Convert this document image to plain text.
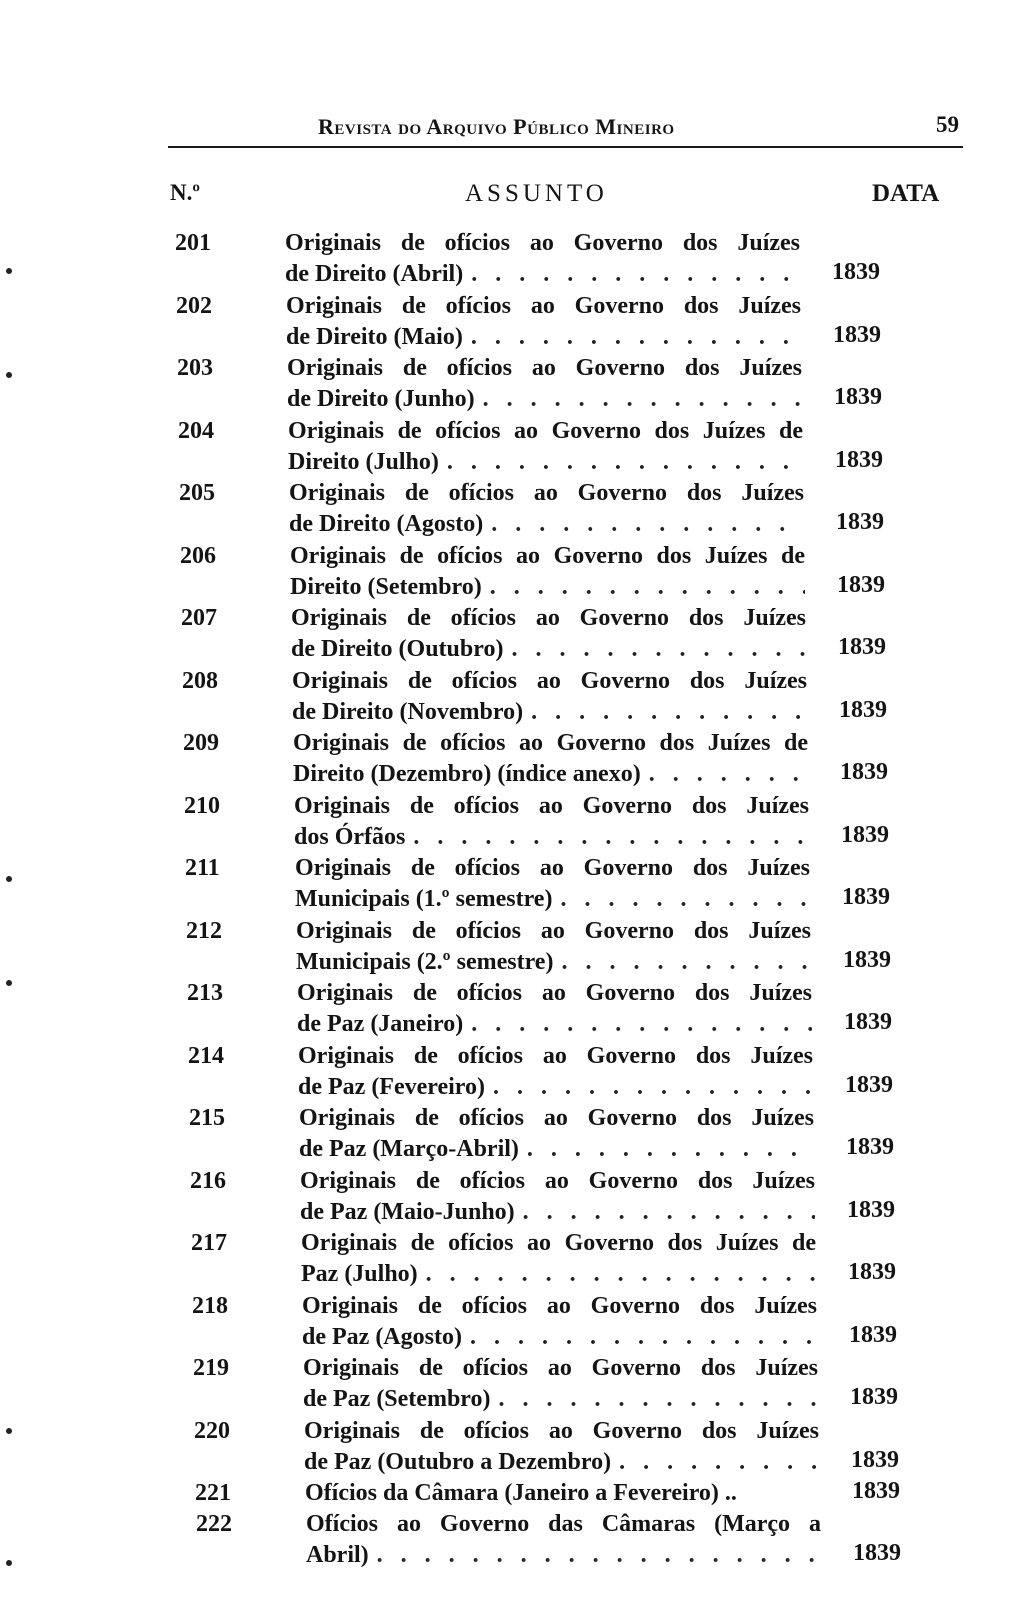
Revista do Arquivo Público Mineiro	59
N.º	ASSUNTO	DATA
201	Originais de ofícios ao Governo dos Juízes
de Direito (Abril) . . .	1839
202	Originais de ofícios ao Governo dos Juízes
de Direito (Maio) . . .	1839
203	Originais de ofícios ao Governo dos Juízes
de Direito (Junho) . . .	1839
204	Originais de ofícios ao Governo dos Juízes de
Direito (Julho) . . .	1839
205	Originais de ofícios ao Governo dos Juízes
de Direito (Agosto) . . .	1839
206	Originais de ofícios ao Governo dos Juízes de
Direito (Setembro) . . .	1839
207	Originais de ofícios ao Governo dos Juízes
de Direito (Outubro) . . .	1839
208	Originais de ofícios ao Governo dos Juízes
de Direito (Novembro) . . .	1839
209	Originais de ofícios ao Governo dos Juízes de
Direito (Dezembro) (índice anexo) . . .	1839
210	Originais de ofícios ao Governo dos Juízes
dos Órfãos . . .	1839
211	Originais de ofícios ao Governo dos Juízes
Municipais (1.º semestre) . . .	1839
212	Originais de ofícios ao Governo dos Juízes
Municipais (2.º semestre) . . .	1839
213	Originais de ofícios ao Governo dos Juízes
de Paz (Janeiro) . . .	1839
214	Originais de ofícios ao Governo dos Juízes
de Paz (Fevereiro) . . .	1839
215	Originais de ofícios ao Governo dos Juízes
de Paz (Março-Abril) . . .	1839
216	Originais de ofícios ao Governo dos Juízes
de Paz (Maio-Junho) . . .	1839
217	Originais de ofícios ao Governo dos Juízes de
Paz (Julho) . . .	1839
218	Originais de ofícios ao Governo dos Juízes
de Paz (Agosto) . . .	1839
219	Originais de ofícios ao Governo dos Juízes
de Paz (Setembro) . . .	1839
220	Originais de ofícios ao Governo dos Juízes
de Paz (Outubro a Dezembro) . . .	1839
221	Ofícios da Câmara (Janeiro a Fevereiro) ..	1839
222	Ofícios ao Governo das Câmaras (Março a
Abril) . . .	1839
